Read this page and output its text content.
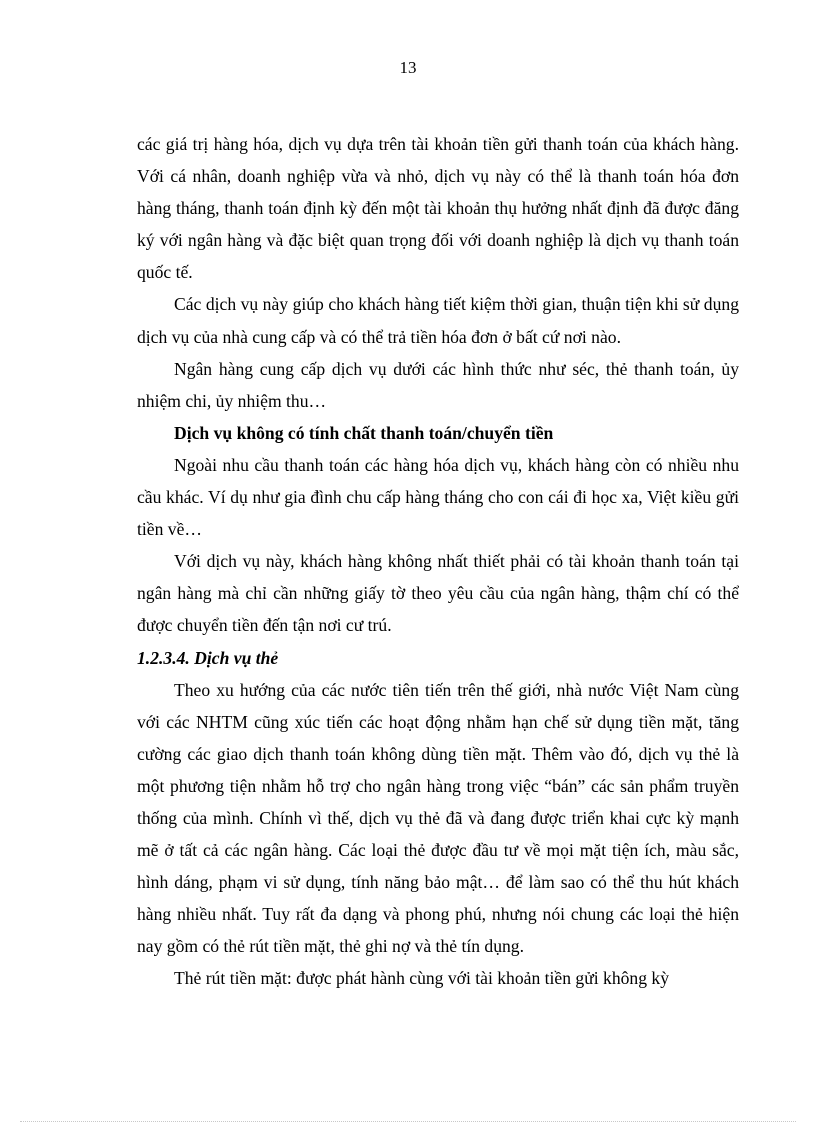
13

các giá trị hàng hóa, dịch vụ dựa trên tài khoản tiền gửi thanh toán của khách hàng. Với cá nhân, doanh nghiệp vừa và nhỏ, dịch vụ này có thể là thanh toán hóa đơn hàng tháng, thanh toán định kỳ đến một tài khoản thụ hưởng nhất định đã được đăng ký với ngân hàng và đặc biệt quan trọng đối với doanh nghiệp là dịch vụ thanh toán quốc tế.

Các dịch vụ này giúp cho khách hàng tiết kiệm thời gian, thuận tiện khi sử dụng dịch vụ của nhà cung cấp và có thể trả tiền hóa đơn ở bất cứ nơi nào.

Ngân hàng cung cấp dịch vụ dưới các hình thức như séc, thẻ thanh toán, ủy nhiệm chi, ủy nhiệm thu…

Dịch vụ không có tính chất thanh toán/chuyển tiền

Ngoài nhu cầu thanh toán các hàng hóa dịch vụ, khách hàng còn có nhiều nhu cầu khác. Ví dụ như gia đình chu cấp hàng tháng cho con cái đi học xa, Việt kiều gửi tiền về…

Với dịch vụ này, khách hàng không nhất thiết phải có tài khoản thanh toán tại ngân hàng mà chỉ cần những giấy tờ theo yêu cầu của ngân hàng, thậm chí có thể được chuyển tiền đến tận nơi cư trú.

1.2.3.4. Dịch vụ thẻ

Theo xu hướng của các nước tiên tiến trên thế giới, nhà nước Việt Nam cùng với các NHTM cũng xúc tiến các hoạt động nhằm hạn chế sử dụng tiền mặt, tăng cường các giao dịch thanh toán không dùng tiền mặt. Thêm vào đó, dịch vụ thẻ là một phương tiện nhằm hỗ trợ cho ngân hàng trong việc “bán” các sản phẩm truyền thống của mình. Chính vì thế, dịch vụ thẻ đã và đang được triển khai cực kỳ mạnh mẽ ở tất cả các ngân hàng. Các loại thẻ được đầu tư về mọi mặt tiện ích, màu sắc, hình dáng, phạm vi sử dụng, tính năng bảo mật… để làm sao có thể thu hút khách hàng nhiều nhất. Tuy rất đa dạng và phong phú, nhưng nói chung các loại thẻ hiện nay gồm có thẻ rút tiền mặt, thẻ ghi nợ và thẻ tín dụng.

Thẻ rút tiền mặt: được phát hành cùng với tài khoản tiền gửi không kỳ
